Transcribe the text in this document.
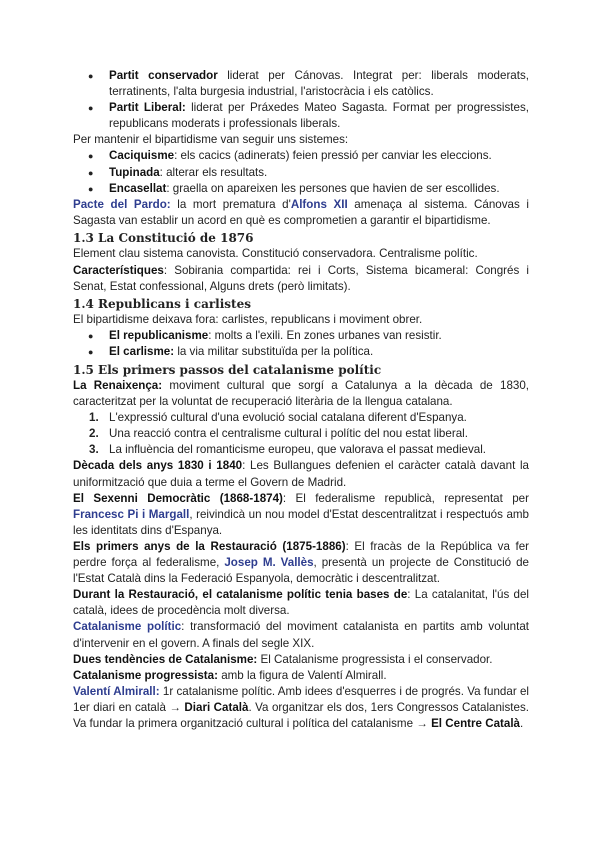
● Partit conservador liderat per Cánovas. Integrat per: liberals moderats, terratinents, l'alta burgesia industrial, l'aristocràcia i els catòlics.
● Partit Liberal: liderat per Práxedes Mateo Sagasta. Format per progressistes, republicans moderats i professionals liberals.

Per mantenir el bipartidisme van seguir uns sistemes:

● Caciquisme: els cacics (adinerats) feien pressió per canviar les eleccions.
● Tupinada: alterar els resultats.
● Encasellat: graella on apareixen les persones que havien de ser escollides.

Pacte del Pardo: la mort prematura d'Alfons XII amenaça al sistema. Cánovas i Sagasta van establir un acord en què es comprometien a garantir el bipartidisme.

1.3 La Constitució de 1876

Element clau sistema canovista. Constitució conservadora. Centralisme polític.

Característiques: Sobirania compartida: rei i Corts, Sistema bicameral: Congrés i Senat, Estat confessional, Alguns drets (però limitats).

1.4 Republicans i carlistes

El bipartidisme deixava fora: carlistes, republicans i moviment obrer.

● El republicanisme: molts a l'exili. En zones urbanes van resistir.
● El carlisme: la via militar substituïda per la política.
1.5 Els primers passos del catalanisme polític

La Renaixença: moviment cultural que sorgí a Catalunya a la dècada de 1830, caracteritzat per la voluntat de recuperació literària de la llengua catalana.

1. L'expressió cultural d'una evolució social catalana diferent d'Espanya.
2. Una reacció contra el centralisme cultural i polític del nou estat liberal.
3. La influència del romanticisme europeu, que valorava el passat medieval.

Dècada dels anys 1830 i 1840: Les Bullangues defenien el caràcter català davant la uniformització que duia a terme el Govern de Madrid.

El Sexenni Democràtic (1868-1874): El federalisme republicà, representat per Francesc Pi i Margall, reivindicà un nou model d'Estat descentralitzat i respectuós amb les identitats dins d'Espanya.

Els primers anys de la Restauració (1875-1886): El fracàs de la República va fer perdre força al federalisme, Josep M. Vallès, presentà un projecte de Constitució de l'Estat Català dins la Federació Espanyola, democràtic i descentralitzat.

Durant la Restauració, el catalanisme polític tenia bases de: La catalanitat, l'ús del català, idees de procedència molt diversa.

Catalanisme polític: transformació del moviment catalanista en partits amb voluntat d'intervenir en el govern. A finals del segle XIX.

Dues tendències de Catalanisme: El Catalanisme progressista i el conservador.

Catalanisme progressista: amb la figura de Valentí Almirall.

Valentí Almirall: 1r catalanisme polític. Amb idees d'esquerres i de progrés. Va fundar el 1er diari en català → Diari Català. Va organitzar els dos, 1ers Congressos Catalanistes. Va fundar la primera organització cultural i política del catalanisme → El Centre Català.
